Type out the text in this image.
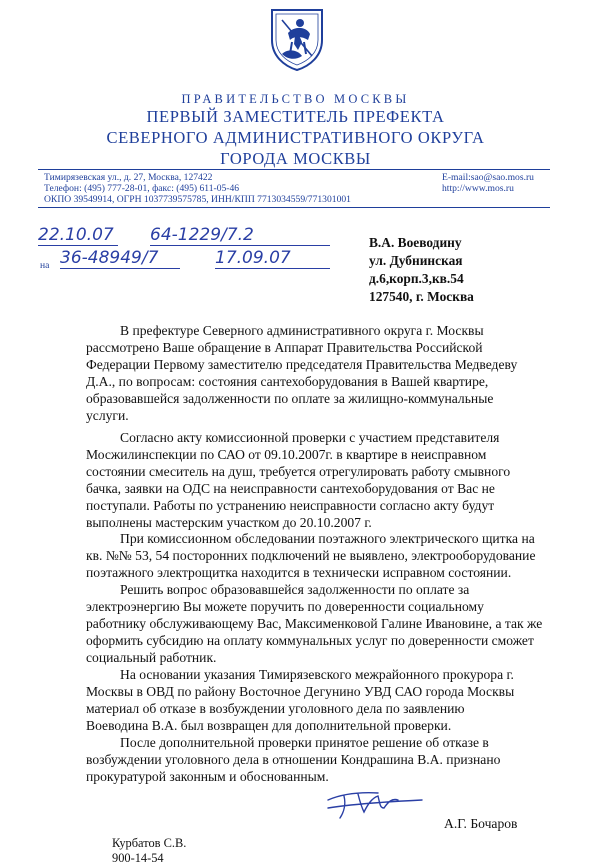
ПРАВИТЕЛЬСТВО МОСКВЫ
ПЕРВЫЙ ЗАМЕСТИТЕЛЬ ПРЕФЕКТА
СЕВЕРНОГО АДМИНИСТРАТИВНОГО ОКРУГА
ГОРОДА МОСКВЫ
Тимирязевская ул., д. 27, Москва, 127422
Телефон: (495) 777-28-01, факс: (495) 611-05-46
ОКПО 39549914, ОГРН 1037739575785, ИНН/КПП 7713034559/771301001
E-mail:sao@sao.mos.ru
http://www.mos.ru
22.10.07 64-1229/7.2
на 36-48949/7	17.09.07
В.А. Воеводину
ул. Дубнинская
д.6,корп.3,кв.54
127540, г. Москва
В префектуре Северного административного округа г. Москвы
рассмотрено Ваше обращение в Аппарат Правительства Российской
Федерации Первому заместителю председателя Правительства Медведеву
Д.А., по вопросам: состояния сантехоборудования в Вашей квартире,
образовавшейся задолженности по оплате за жилищно-коммунальные
услуги.
Согласно акту комиссионной проверки с участием представителя
Мосжилинспекции по САО от 09.10.2007г. в квартире в неисправном
состоянии смеситель на душ, требуется отрегулировать работу смывного
бачка, заявки на ОДС на неисправности сантехоборудования от Вас не
поступали. Работы по устранению неисправности согласно акту будут
выполнены мастерским участком до 20.10.2007 г.
При комиссионном обследовании поэтажного электрического щитка на
кв. №№ 53, 54 посторонних подключений не выявлено, электрооборудование
поэтажного электрощитка находится в технически исправном состоянии.
Решить вопрос образовавшейся задолженности по оплате за
электроэнергию Вы можете поручить по доверенности социальному
работнику обслуживающему Вас, Максименковой Галине Ивановине, а так же
оформить субсидию на оплату коммунальных услуг по доверенности сможет
социальный работник.
На основании указания Тимирязевского межрайонного прокурора г.
Москвы в ОВД по району Восточное Дегунино УВД САО города Москвы
материал об отказе в возбуждении уголовного дела по заявлению
Воеводина В.А. был возвращен для дополнительной проверки.
После дополнительной проверки принятое решение об отказе в
возбуждении уголовного дела в отношении Кондрашина В.А. признано
прокуратурой законным и обоснованным.
А.Г. Бочаров
Курбатов С.В.
900-14-54
